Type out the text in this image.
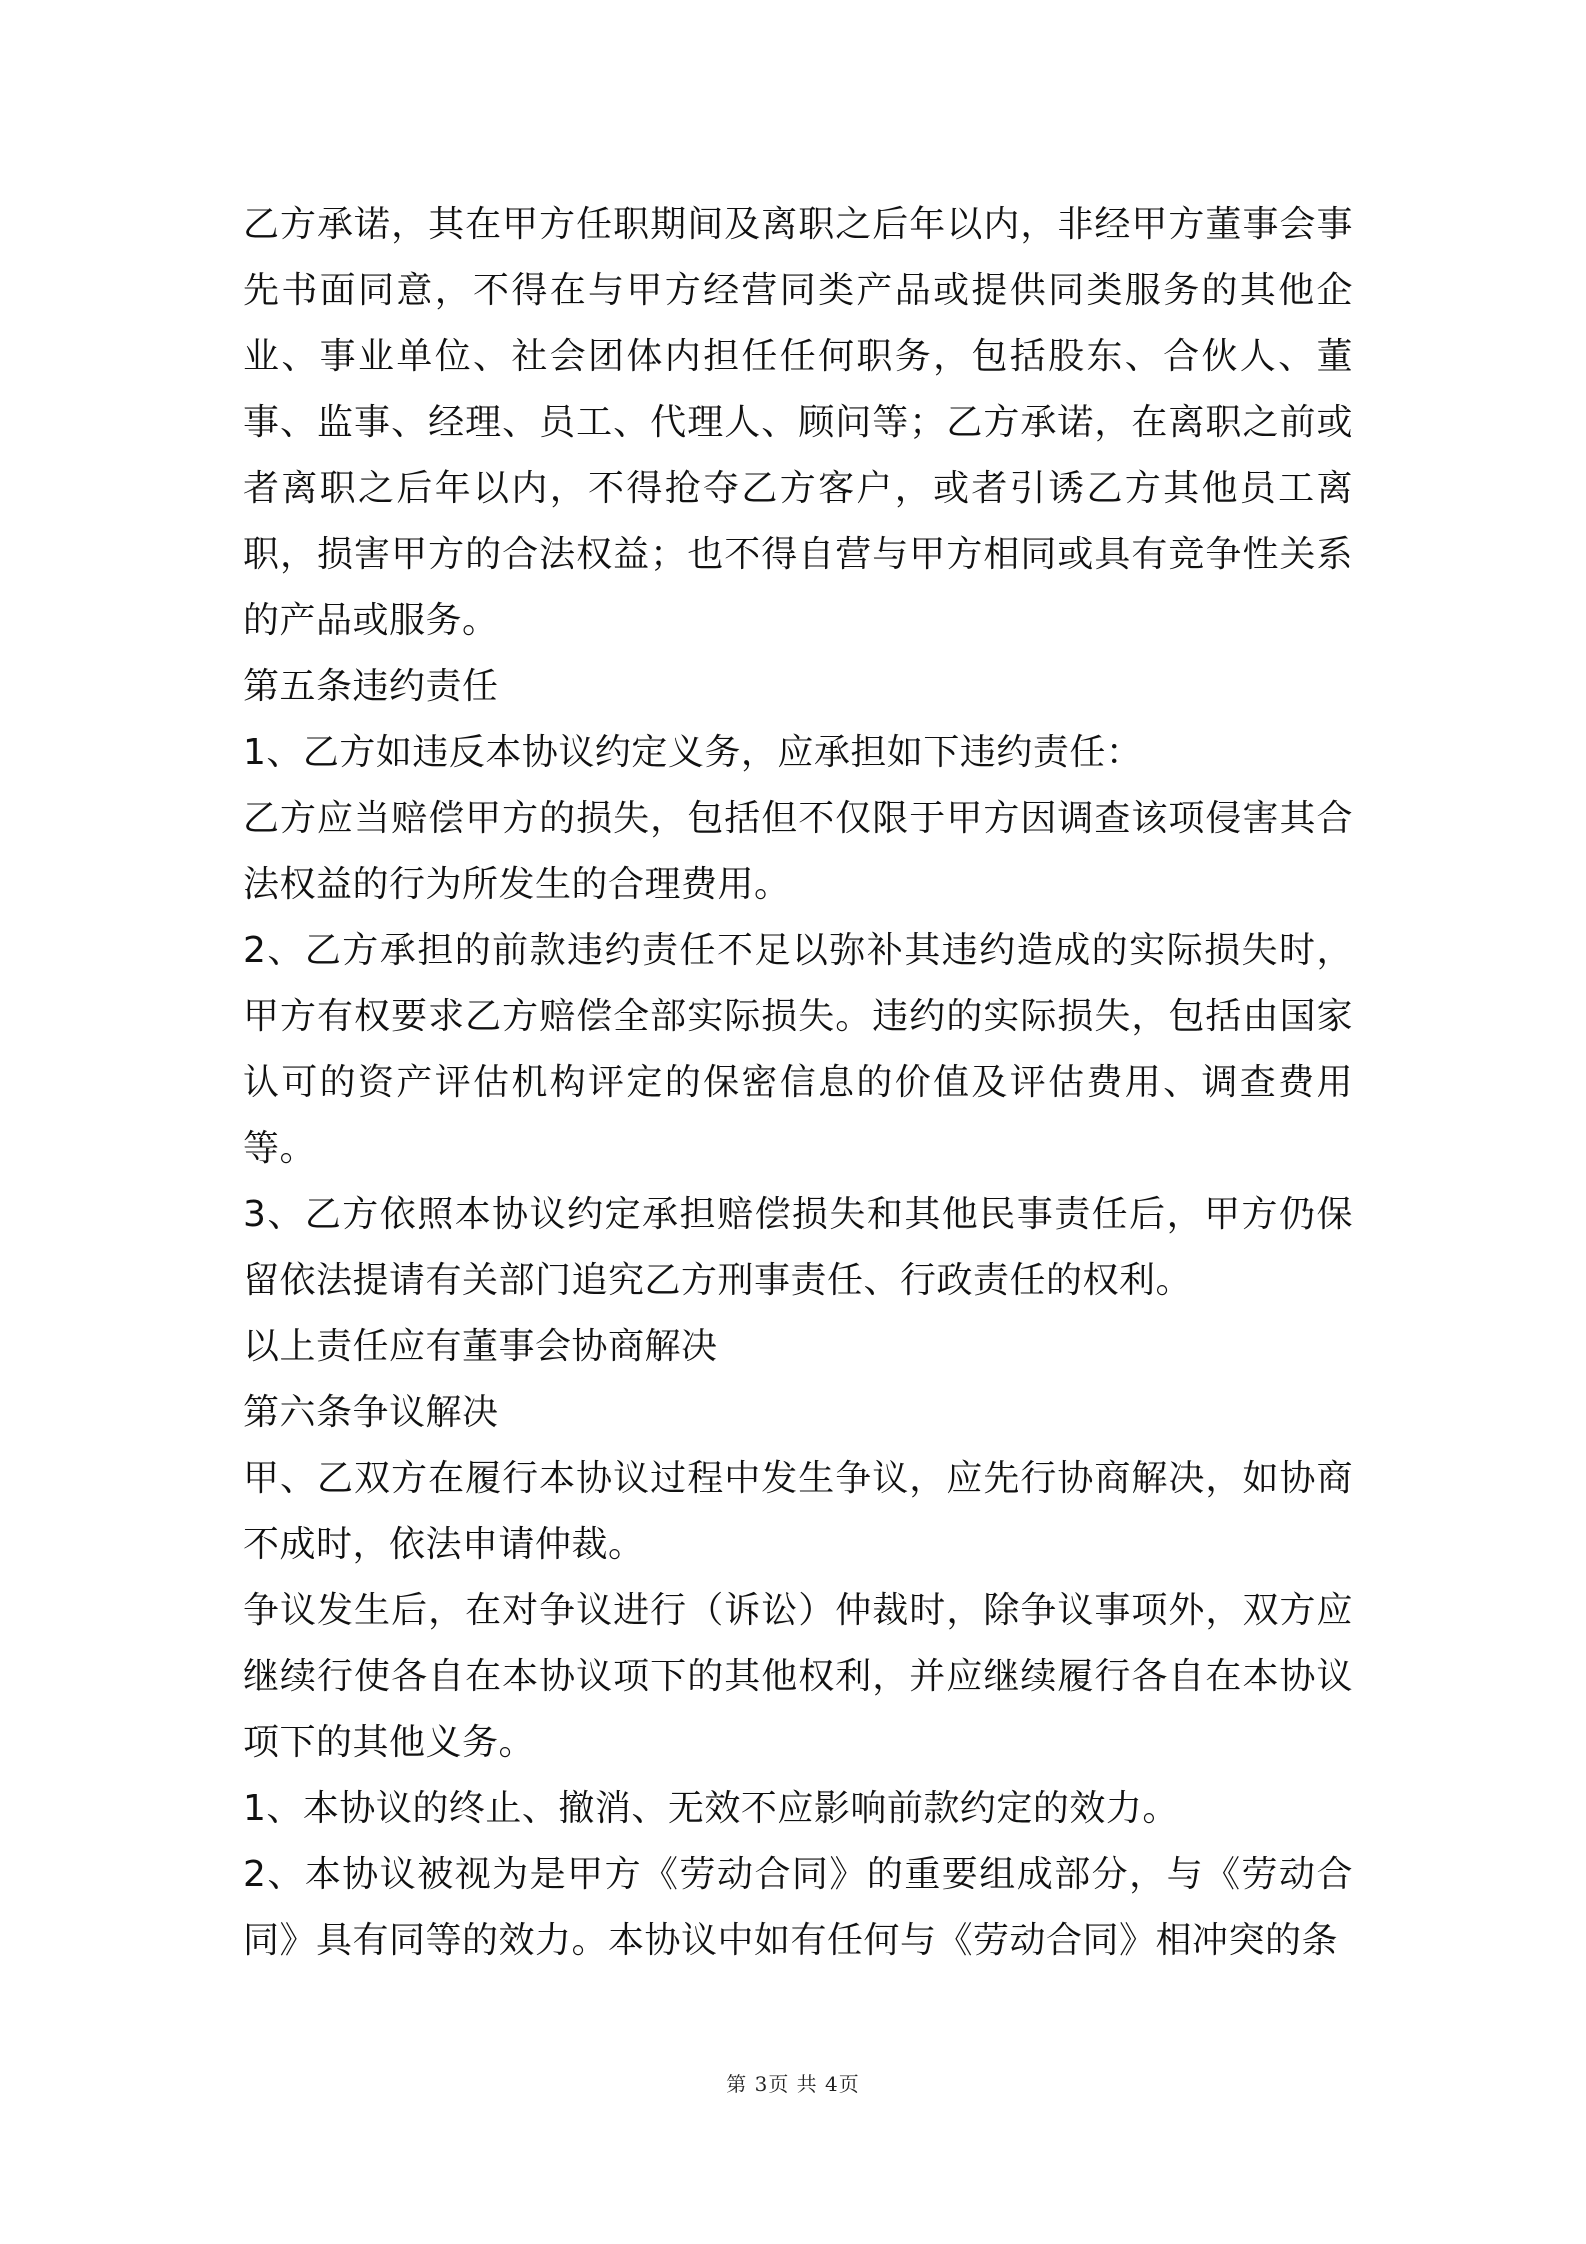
乙方承诺，其在甲方任职期间及离职之后年以内，非经甲方董事会事先书面同意，不得在与甲方经营同类产品或提供同类服务的其他企业、事业单位、社会团体内担任任何职务，包括股东、合伙人、董事、监事、经理、员工、代理人、顾问等；乙方承诺，在离职之前或者离职之后年以内，不得抢夺乙方客户，或者引诱乙方其他员工离职，损害甲方的合法权益；也不得自营与甲方相同或具有竞争性关系的产品或服务。

第五条违约责任

1、乙方如违反本协议约定义务，应承担如下违约责任：

乙方应当赔偿甲方的损失，包括但不仅限于甲方因调查该项侵害其合法权益的行为所发生的合理费用。

2、乙方承担的前款违约责任不足以弥补其违约造成的实际损失时，甲方有权要求乙方赔偿全部实际损失。违约的实际损失，包括由国家认可的资产评估机构评定的保密信息的价值及评估费用、调查费用等。

3、乙方依照本协议约定承担赔偿损失和其他民事责任后，甲方仍保留依法提请有关部门追究乙方刑事责任、行政责任的权利。

以上责任应有董事会协商解决

第六条争议解决

甲、乙双方在履行本协议过程中发生争议，应先行协商解决，如协商不成时，依法申请仲裁。

争议发生后，在对争议进行（诉讼）仲裁时，除争议事项外，双方应继续行使各自在本协议项下的其他权利，并应继续履行各自在本协议项下的其他义务。

1、本协议的终止、撤消、无效不应影响前款约定的效力。

2、本协议被视为是甲方《劳动合同》的重要组成部分，与《劳动合同》具有同等的效力。本协议中如有任何与《劳动合同》相冲突的条

第 3页 共 4页
